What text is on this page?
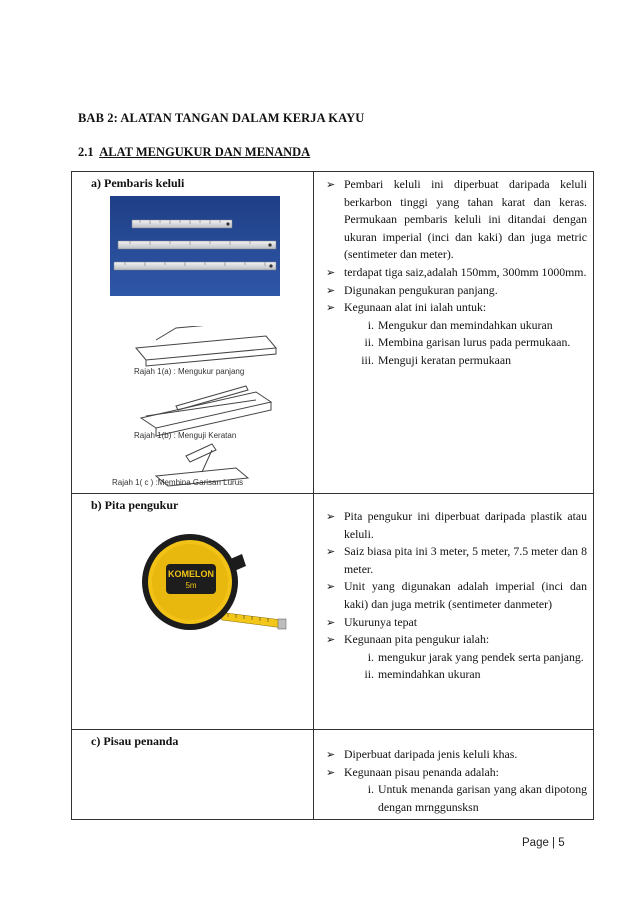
BAB 2: ALATAN TANGAN DALAM KERJA KAYU
2.1 ALAT MENGUKUR DAN MENANDA
a) Pembaris keluli
Rajah 1(a) : Mengukur panjang
Rajah 1(b) : Menguji Keratan
Rajah 1( c ) :Membina Garisan Lurus
➢ Pembari keluli ini diperbuat daripada keluli berkarbon tinggi yang tahan karat dan keras. Permukaan pembaris keluli ini ditandai dengan ukuran imperial (inci dan kaki) dan juga metric (sentimeter dan meter).
➢ terdapat tiga saiz,adalah 150mm, 300mm 1000mm.
➢ Digunakan pengukuran panjang.
➢ Kegunaan alat ini ialah untuk:
i. Mengukur dan memindahkan ukuran
ii. Membina garisan lurus pada permukaan.
iii. Menguji keratan permukaan
b) Pita pengukur
KOMELON
5m
➢ Pita pengukur ini diperbuat daripada plastik atau keluli.
➢ Saiz biasa pita ini 3 meter, 5 meter, 7.5 meter dan 8 meter.
➢ Unit yang digunakan adalah imperial (inci dan kaki) dan juga metrik (sentimeter danmeter)
➢ Ukurunya tepat
➢ Kegunaan pita pengukur ialah:
i. mengukur jarak yang pendek serta panjang.
ii. memindahkan ukuran
c) Pisau penanda
➢ Diperbuat daripada jenis keluli khas.
➢ Kegunaan pisau penanda adalah:
i. Untuk menanda garisan yang akan dipotong dengan mrnggunsksn
Page | 5
